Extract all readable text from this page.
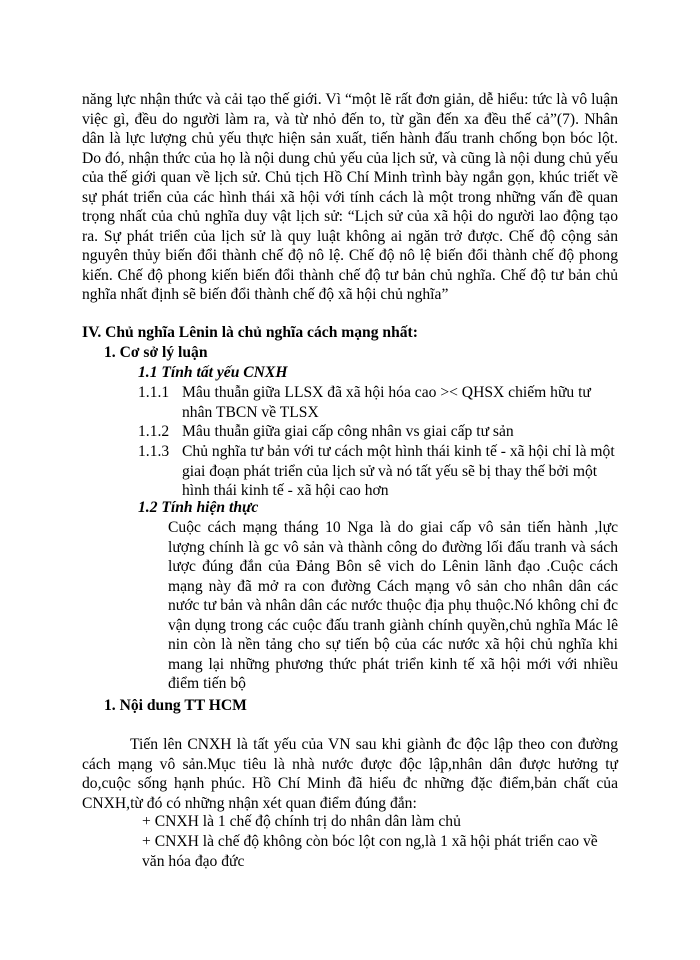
năng lực nhận thức và cải tạo thế giới. Vì “một lẽ rất đơn giản, dễ hiểu: tức là vô luận việc gì, đều do người làm ra, và từ nhỏ đến to, từ gần đến xa đều thế cả”(7). Nhân dân là lực lượng chủ yếu thực hiện sản xuất, tiến hành đấu tranh chống bọn bóc lột. Do đó, nhận thức của họ là nội dung chủ yếu của lịch sử, và cũng là nội dung chủ yếu của thế giới quan về lịch sử. Chủ tịch Hồ Chí Minh trình bày ngắn gọn, khúc triết về sự phát triển của các hình thái xã hội với tính cách là một trong những vấn đề quan trọng nhất của chủ nghĩa duy vật lịch sử: “Lịch sử của xã hội do người lao động tạo ra. Sự phát triển của lịch sử là quy luật không ai ngăn trở được. Chế độ cộng sản nguyên thủy biến đổi thành chế độ nô lệ. Chế độ nô lệ biến đổi thành chế độ phong kiến. Chế độ phong kiến biến đổi thành chế độ tư bản chủ nghĩa. Chế độ tư bản chủ nghĩa nhất định sẽ biến đổi thành chế độ xã hội chủ nghĩa”

IV. Chủ nghĩa Lênin là chủ nghĩa cách mạng nhất:

1. Cơ sở lý luận

1.1 Tính tất yếu CNXH

1.1.1 Mâu thuẫn giữa LLSX đã xã hội hóa cao >< QHSX chiếm hữu tư nhân TBCN về TLSX
1.1.2 Mâu thuẫn giữa giai cấp công nhân vs giai cấp tư sản
1.1.3 Chủ nghĩa tư bản với tư cách một hình thái kinh tế - xã hội chỉ là một giai đoạn phát triển của lịch sử và nó tất yếu sẽ bị thay thế bởi một hình thái kinh tế - xã hội cao hơn

1.2 Tính hiện thực

Cuộc cách mạng tháng 10 Nga là do giai cấp vô sản tiến hành ,lực lượng chính là gc vô sản và thành công do đường lối đấu tranh và sách lược đúng đắn của Đảng Bôn sê vich do Lênin lãnh đạo .Cuộc cách mạng này đã mở ra con đường Cách mạng vô sản cho nhân dân các nước tư bản và nhân dân các nước thuộc địa phụ thuộc.Nó không chỉ đc vận dụng trong các cuộc đấu tranh giành chính quyền,chủ nghĩa Mác lê nin còn là nền tảng cho sự tiến bộ của các nước xã hội chủ nghĩa khi mang lại những phương thức phát triển kinh tế xã hội mới với nhiều điểm tiến bộ

1. Nội dung TT HCM

Tiến lên CNXH là tất yếu của VN sau khi giành đc độc lập theo con đường cách mạng vô sản.Mục tiêu là nhà nước được độc lập,nhân dân được hưởng tự do,cuộc sống hạnh phúc. Hồ Chí Minh đã hiểu đc những đặc điểm,bản chất của CNXH,từ đó có những nhận xét quan điểm đúng đắn:

+ CNXH là 1 chế độ chính trị do nhân dân làm chủ

+ CNXH là chế độ không còn bóc lột con ng,là 1 xã hội phát triển cao về văn hóa đạo đức
